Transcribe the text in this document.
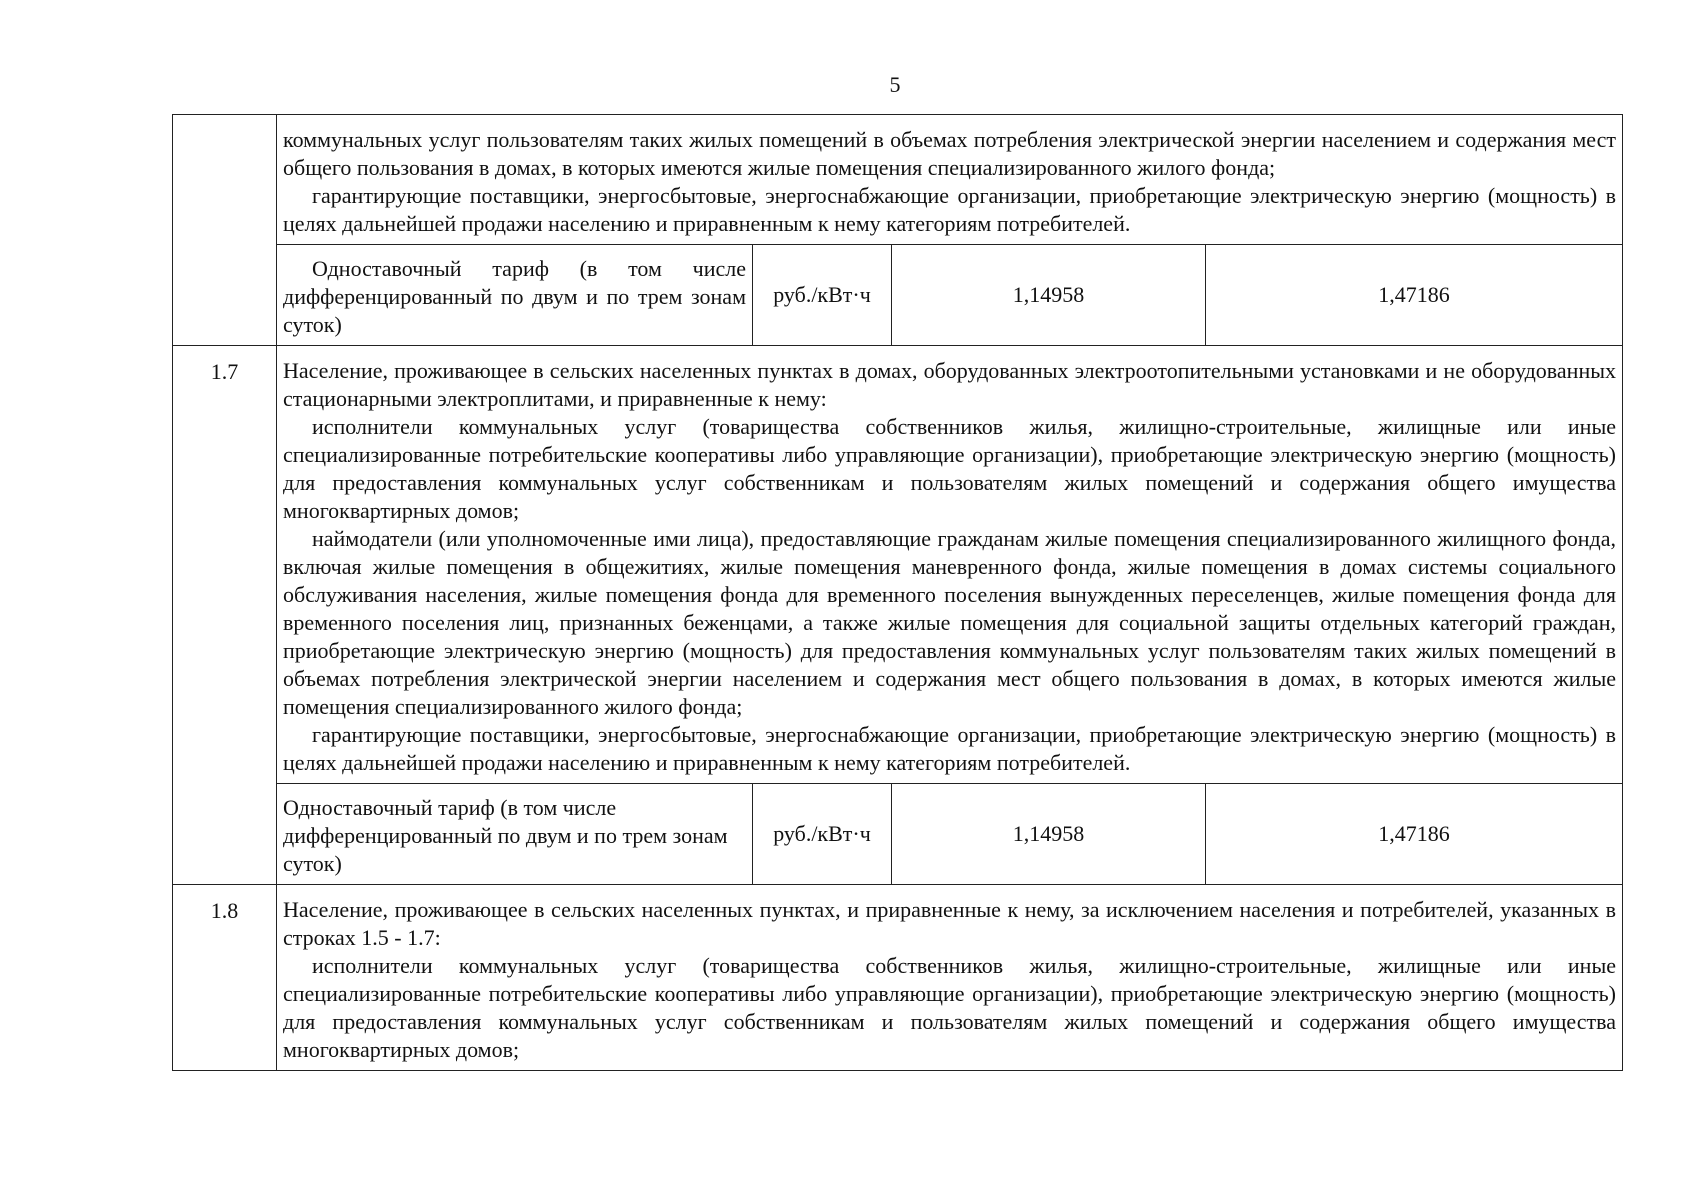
5

	коммунальных услуг пользователям таких жилых помещений в объемах потребления электрической энергии населением и содержания мест общего пользования в домах, в которых имеются жилые помещения специализированного жилого фонда;

гарантирующие поставщики, энергосбытовые, энергоснабжающие организации, приобретающие электрическую энергию (мощность) в целях дальнейшей продажи населению и приравненным к нему категориям потребителей.			

	Одноставочный тариф (в том числе дифференцированный по двум и по трем зонам суток)	руб./кВт·ч	1,14958	1,47186
1.7	Население, проживающее в сельских населенных пунктах в домах, оборудованных электроотопительными установками и не оборудованных стационарными электроплитами, и приравненные к нему:

исполнители коммунальных услуг (товарищества собственников жилья, жилищно-строительные, жилищные или иные специализированные потребительские кооперативы либо управляющие организации), приобретающие электрическую энергию (мощность) для предоставления коммунальных услуг собственникам и пользователям жилых помещений и содержания общего имущества многоквартирных домов;

наймодатели (или уполномоченные ими лица), предоставляющие гражданам жилые помещения специализированного жилищного фонда, включая жилые помещения в общежитиях, жилые помещения маневренного фонда, жилые помещения в домах системы социального обслуживания населения, жилые помещения фонда для временного поселения вынужденных переселенцев, жилые помещения фонда для временного поселения лиц, признанных беженцами, а также жилые помещения для социальной защиты отдельных категорий граждан, приобретающие электрическую энергию (мощность) для предоставления коммунальных услуг пользователям таких жилых помещений в объемах потребления электрической энергии населением и содержания мест общего пользования в домах, в которых имеются жилые помещения специализированного жилого фонда;

гарантирующие поставщики, энергосбытовые, энергоснабжающие организации, приобретающие электрическую энергию (мощность) в целях дальнейшей продажи населению и приравненным к нему категориям потребителей.			

	Одноставочный тариф (в том числе дифференцированный по двум и по трем зонам суток)	руб./кВт·ч	1,14958	1,47186
1.8	Население, проживающее в сельских населенных пунктах, и приравненные к нему, за исключением населения и потребителей, указанных в строках 1.5 - 1.7:

исполнители коммунальных услуг (товарищества собственников жилья, жилищно-строительные, жилищные или иные специализированные потребительские кооперативы либо управляющие организации), приобретающие электрическую энергию (мощность) для предоставления коммунальных услуг собственникам и пользователям жилых помещений и содержания общего имущества многоквартирных домов;			
